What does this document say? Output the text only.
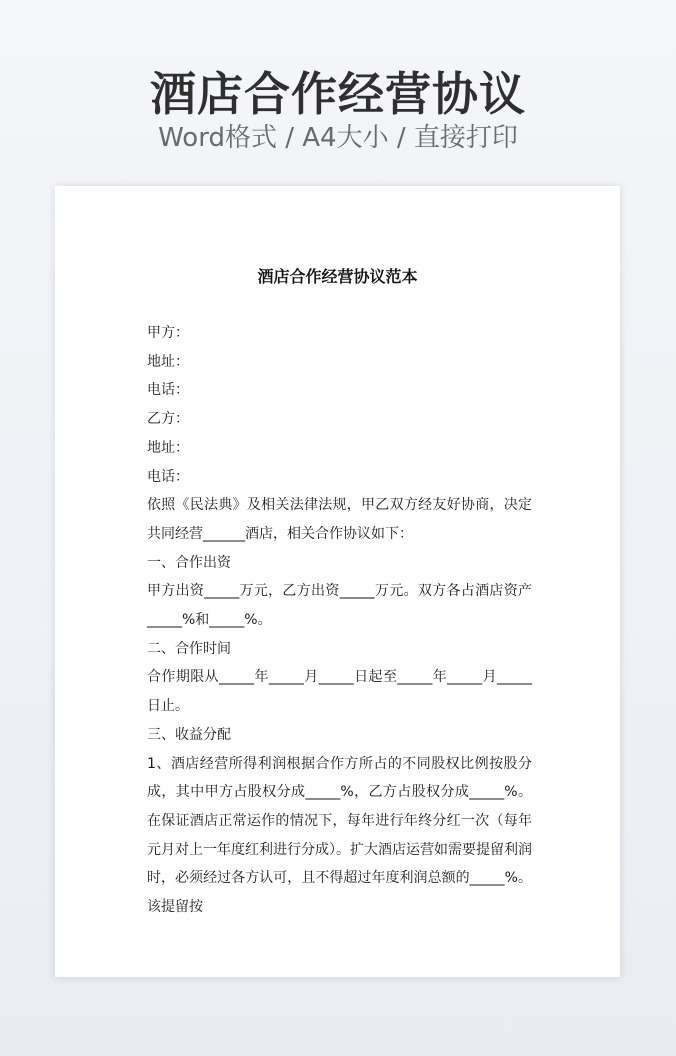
酒店合作经营协议
Word格式 / A4大小 / 直接打印
酒店合作经营协议范本
甲方：
地址：
电话：
乙方：
地址：
电话：
依照《民法典》及相关法律法规，甲乙双方经友好协商，决定共同经营______酒店，相关合作协议如下：
一、合作出资
甲方出资_____万元，乙方出资_____万元。双方各占酒店资产_____%和_____%。
二、合作时间
合作期限从_____年_____月_____日起至_____年_____月_____日止。
三、收益分配
1、酒店经营所得利润根据合作方所占的不同股权比例按股分成，其中甲方占股权分成_____%，乙方占股权分成_____%。在保证酒店正常运作的情况下，每年进行年终分红一次（每年元月对上一年度红利进行分成）。扩大酒店运营如需要提留利润时，必须经过各方认可，且不得超过年度利润总额的_____%。该提留按
